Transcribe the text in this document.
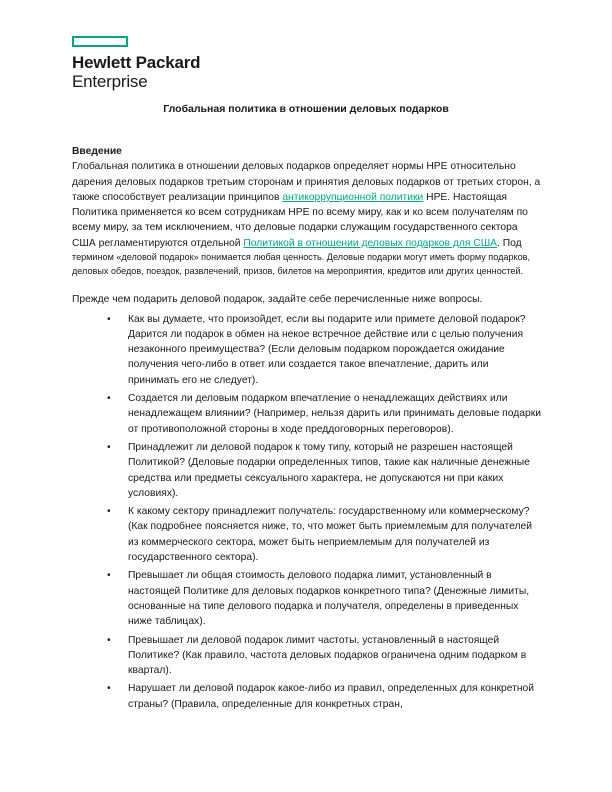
Hewlett Packard
Enterprise
Глобальная политика в отношении деловых подарков
Введение

Глобальная политика в отношении деловых подарков определяет нормы HPE относительно дарения деловых подарков третьим сторонам и принятия деловых подарков от третьих сторон, а также способствует реализации принципов антикоррупционной политики HPE. Настоящая Политика применяется ко всем сотрудникам HPE по всему миру, как и ко всем получателям по всему миру, за тем исключением, что деловые подарки служащим государственного сектора США регламентируются отдельной Политикой в отношении деловых подарков для США. Под

термином «деловой подарок» понимается любая ценность. Деловые подарки могут иметь форму подарков, деловых обедов, поездок, развлечений, призов, билетов на мероприятия, кредитов или других ценностей.

Прежде чем подарить деловой подарок, задайте себе перечисленные ниже вопросы.

• Как вы думаете, что произойдет, если вы подарите или примете деловой подарок? Дарится ли подарок в обмен на некое встречное действие или с целью получения незаконного преимущества? (Если деловым подарком порождается ожидание получения чего-либо в ответ или создается такое впечатление, дарить или принимать его не следует).
• Создается ли деловым подарком впечатление о ненадлежащих действиях или ненадлежащем влиянии? (Например, нельзя дарить или принимать деловые подарки от противоположной стороны в ходе преддоговорных переговоров).
• Принадлежит ли деловой подарок к тому типу, который не разрешен настоящей Политикой? (Деловые подарки определенных типов, такие как наличные денежные средства или предметы сексуального характера, не допускаются ни при каких условиях).
• К какому сектору принадлежит получатель: государственному или коммерческому? (Как подробнее поясняется ниже, то, что может быть приемлемым для получателей из коммерческого сектора, может быть неприемлемым для получателей из государственного сектора).
• Превышает ли общая стоимость делового подарка лимит, установленный в настоящей Политике для деловых подарков конкретного типа? (Денежные лимиты, основанные на типе делового подарка и получателя, определены в приведенных ниже таблицах).
• Превышает ли деловой подарок лимит частоты, установленный в настоящей Политике? (Как правило, частота деловых подарков ограничена одним подарком в квартал).
• Нарушает ли деловой подарок какое-либо из правил, определенных для конкретной страны? (Правила, определенные для конкретных стран,
